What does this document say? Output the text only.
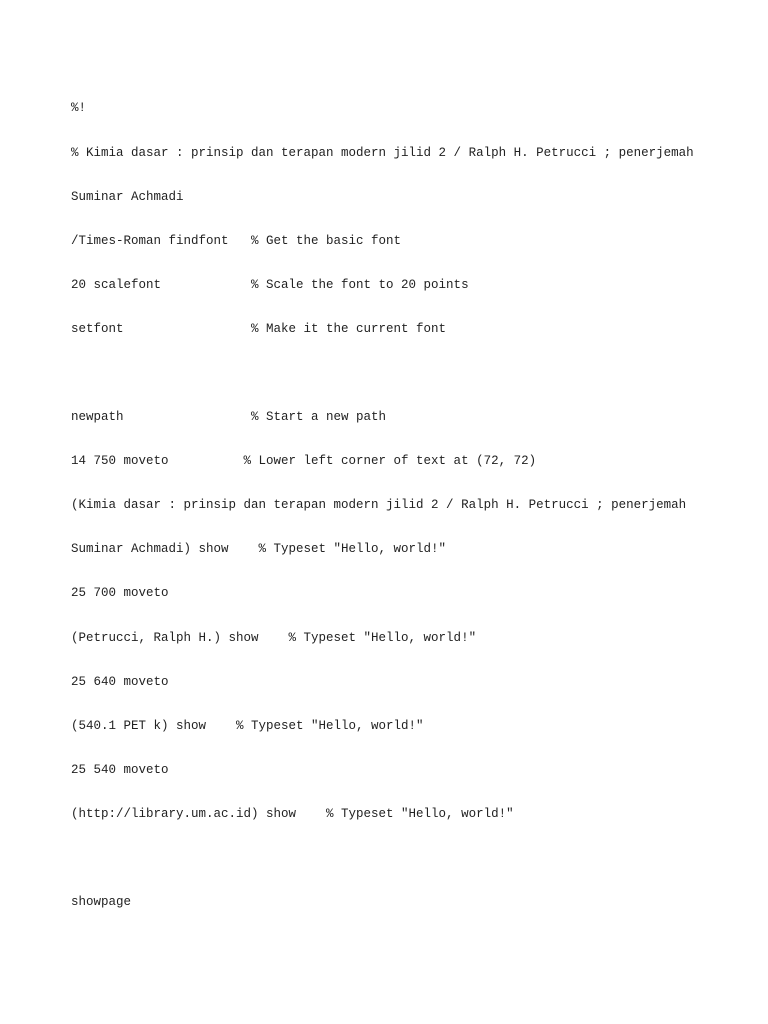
%!

% Kimia dasar : prinsip dan terapan modern jilid 2 / Ralph H. Petrucci ; penerjemah

Suminar Achmadi

/Times-Roman findfont   % Get the basic font

20 scalefont            % Scale the font to 20 points

setfont                 % Make it the current font

newpath                 % Start a new path

14 750 moveto          % Lower left corner of text at (72, 72)

(Kimia dasar : prinsip dan terapan modern jilid 2 / Ralph H. Petrucci ; penerjemah

Suminar Achmadi) show    % Typeset "Hello, world!"

25 700 moveto

(Petrucci, Ralph H.) show    % Typeset "Hello, world!"

25 640 moveto

(540.1 PET k) show    % Typeset "Hello, world!"

25 540 moveto

(http://library.um.ac.id) show    % Typeset "Hello, world!"

showpage
